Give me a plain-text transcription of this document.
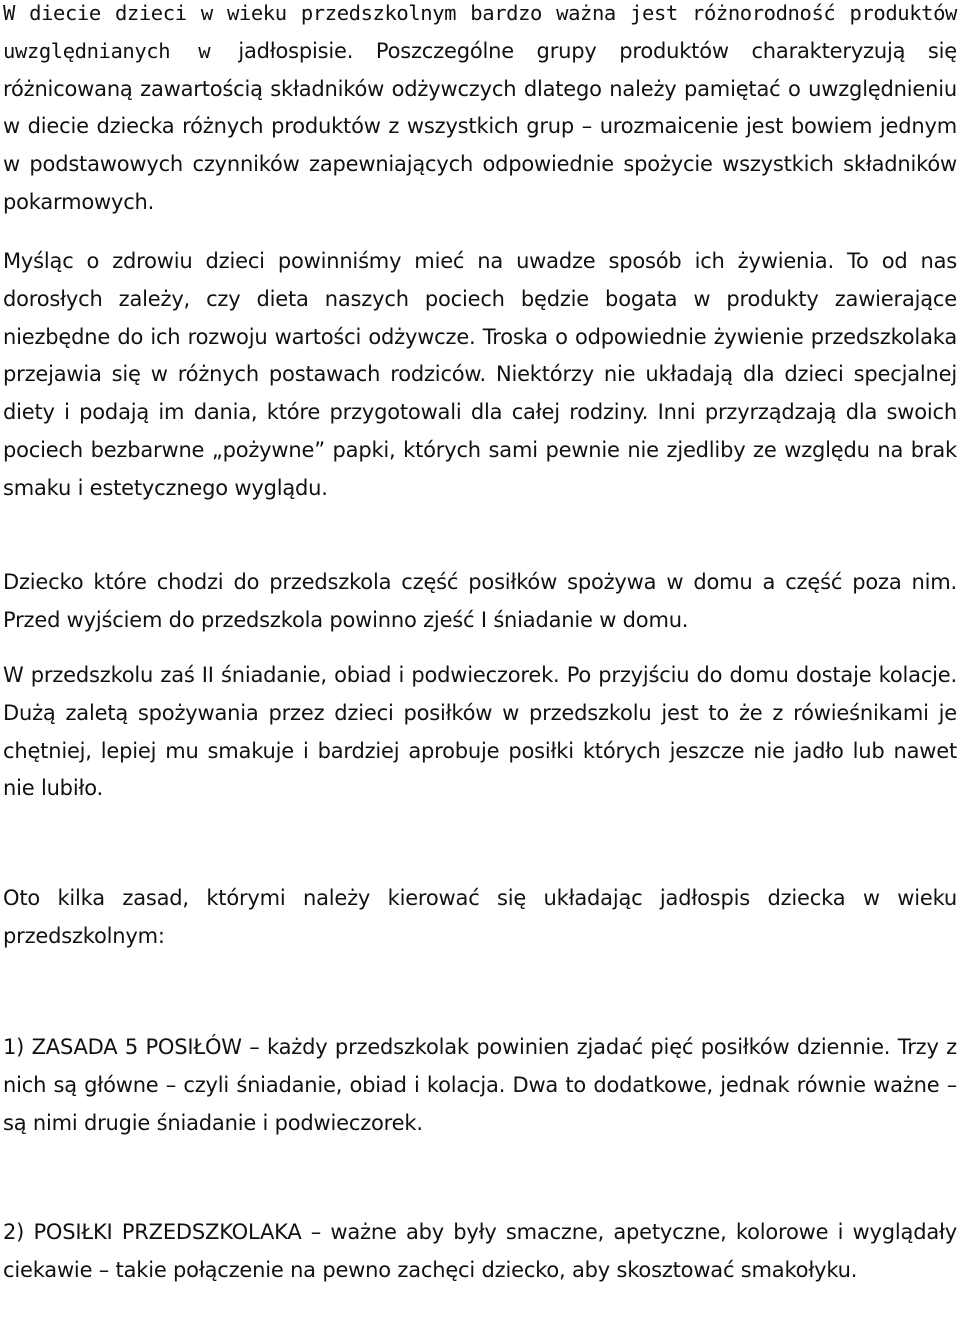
W diecie dzieci w wieku przedszkolnym bardzo ważna jest różnorodność produktów uwzględnianych w jadłospisie. Poszczególne grupy produktów charakteryzują się różnicowaną zawartością składników odżywczych dlatego należy pamiętać o uwzględnieniu w diecie dziecka różnych produktów z wszystkich grup – urozmaicenie jest bowiem jednym w podstawowych czynników zapewniających odpowiednie spożycie wszystkich składników pokarmowych.

Myśląc o zdrowiu dzieci powinniśmy mieć na uwadze sposób ich żywienia. To od nas dorosłych zależy, czy dieta naszych pociech będzie bogata w produkty zawierające niezbędne do ich rozwoju wartości odżywcze. Troska o odpowiednie żywienie przedszkolaka przejawia się w różnych postawach rodziców. Niektórzy nie układają dla dzieci specjalnej diety i podają im dania, które przygotowali dla całej rodziny. Inni przyrządzają dla swoich pociech bezbarwne „pożywne” papki, których sami pewnie nie zjedliby ze względu na brak smaku i estetycznego wyglądu.

Dziecko które chodzi do przedszkola część posiłków spożywa w domu a część poza nim. Przed wyjściem do przedszkola powinno zjeść I śniadanie w domu.

W przedszkolu zaś II śniadanie, obiad i podwieczorek. Po przyjściu do domu dostaje kolacje. Dużą zaletą spożywania przez dzieci posiłków w przedszkolu jest to że z rówieśnikami je chętniej, lepiej mu smakuje i bardziej aprobuje posiłki których jeszcze nie jadło lub nawet nie lubiło.

Oto kilka zasad, którymi należy kierować się układając jadłospis dziecka w wieku przedszkolnym:

1) ZASADA 5 POSIŁÓW – każdy przedszkolak powinien zjadać pięć posiłków dziennie. Trzy z nich są główne – czyli śniadanie, obiad i kolacja. Dwa to dodatkowe, jednak równie ważne – są nimi drugie śniadanie i podwieczorek.

2) POSIŁKI PRZEDSZKOLAKA – ważne aby były smaczne, apetyczne, kolorowe i wyglądały ciekawie – takie połączenie na pewno zachęci dziecko, aby skosztować smakołyku.
